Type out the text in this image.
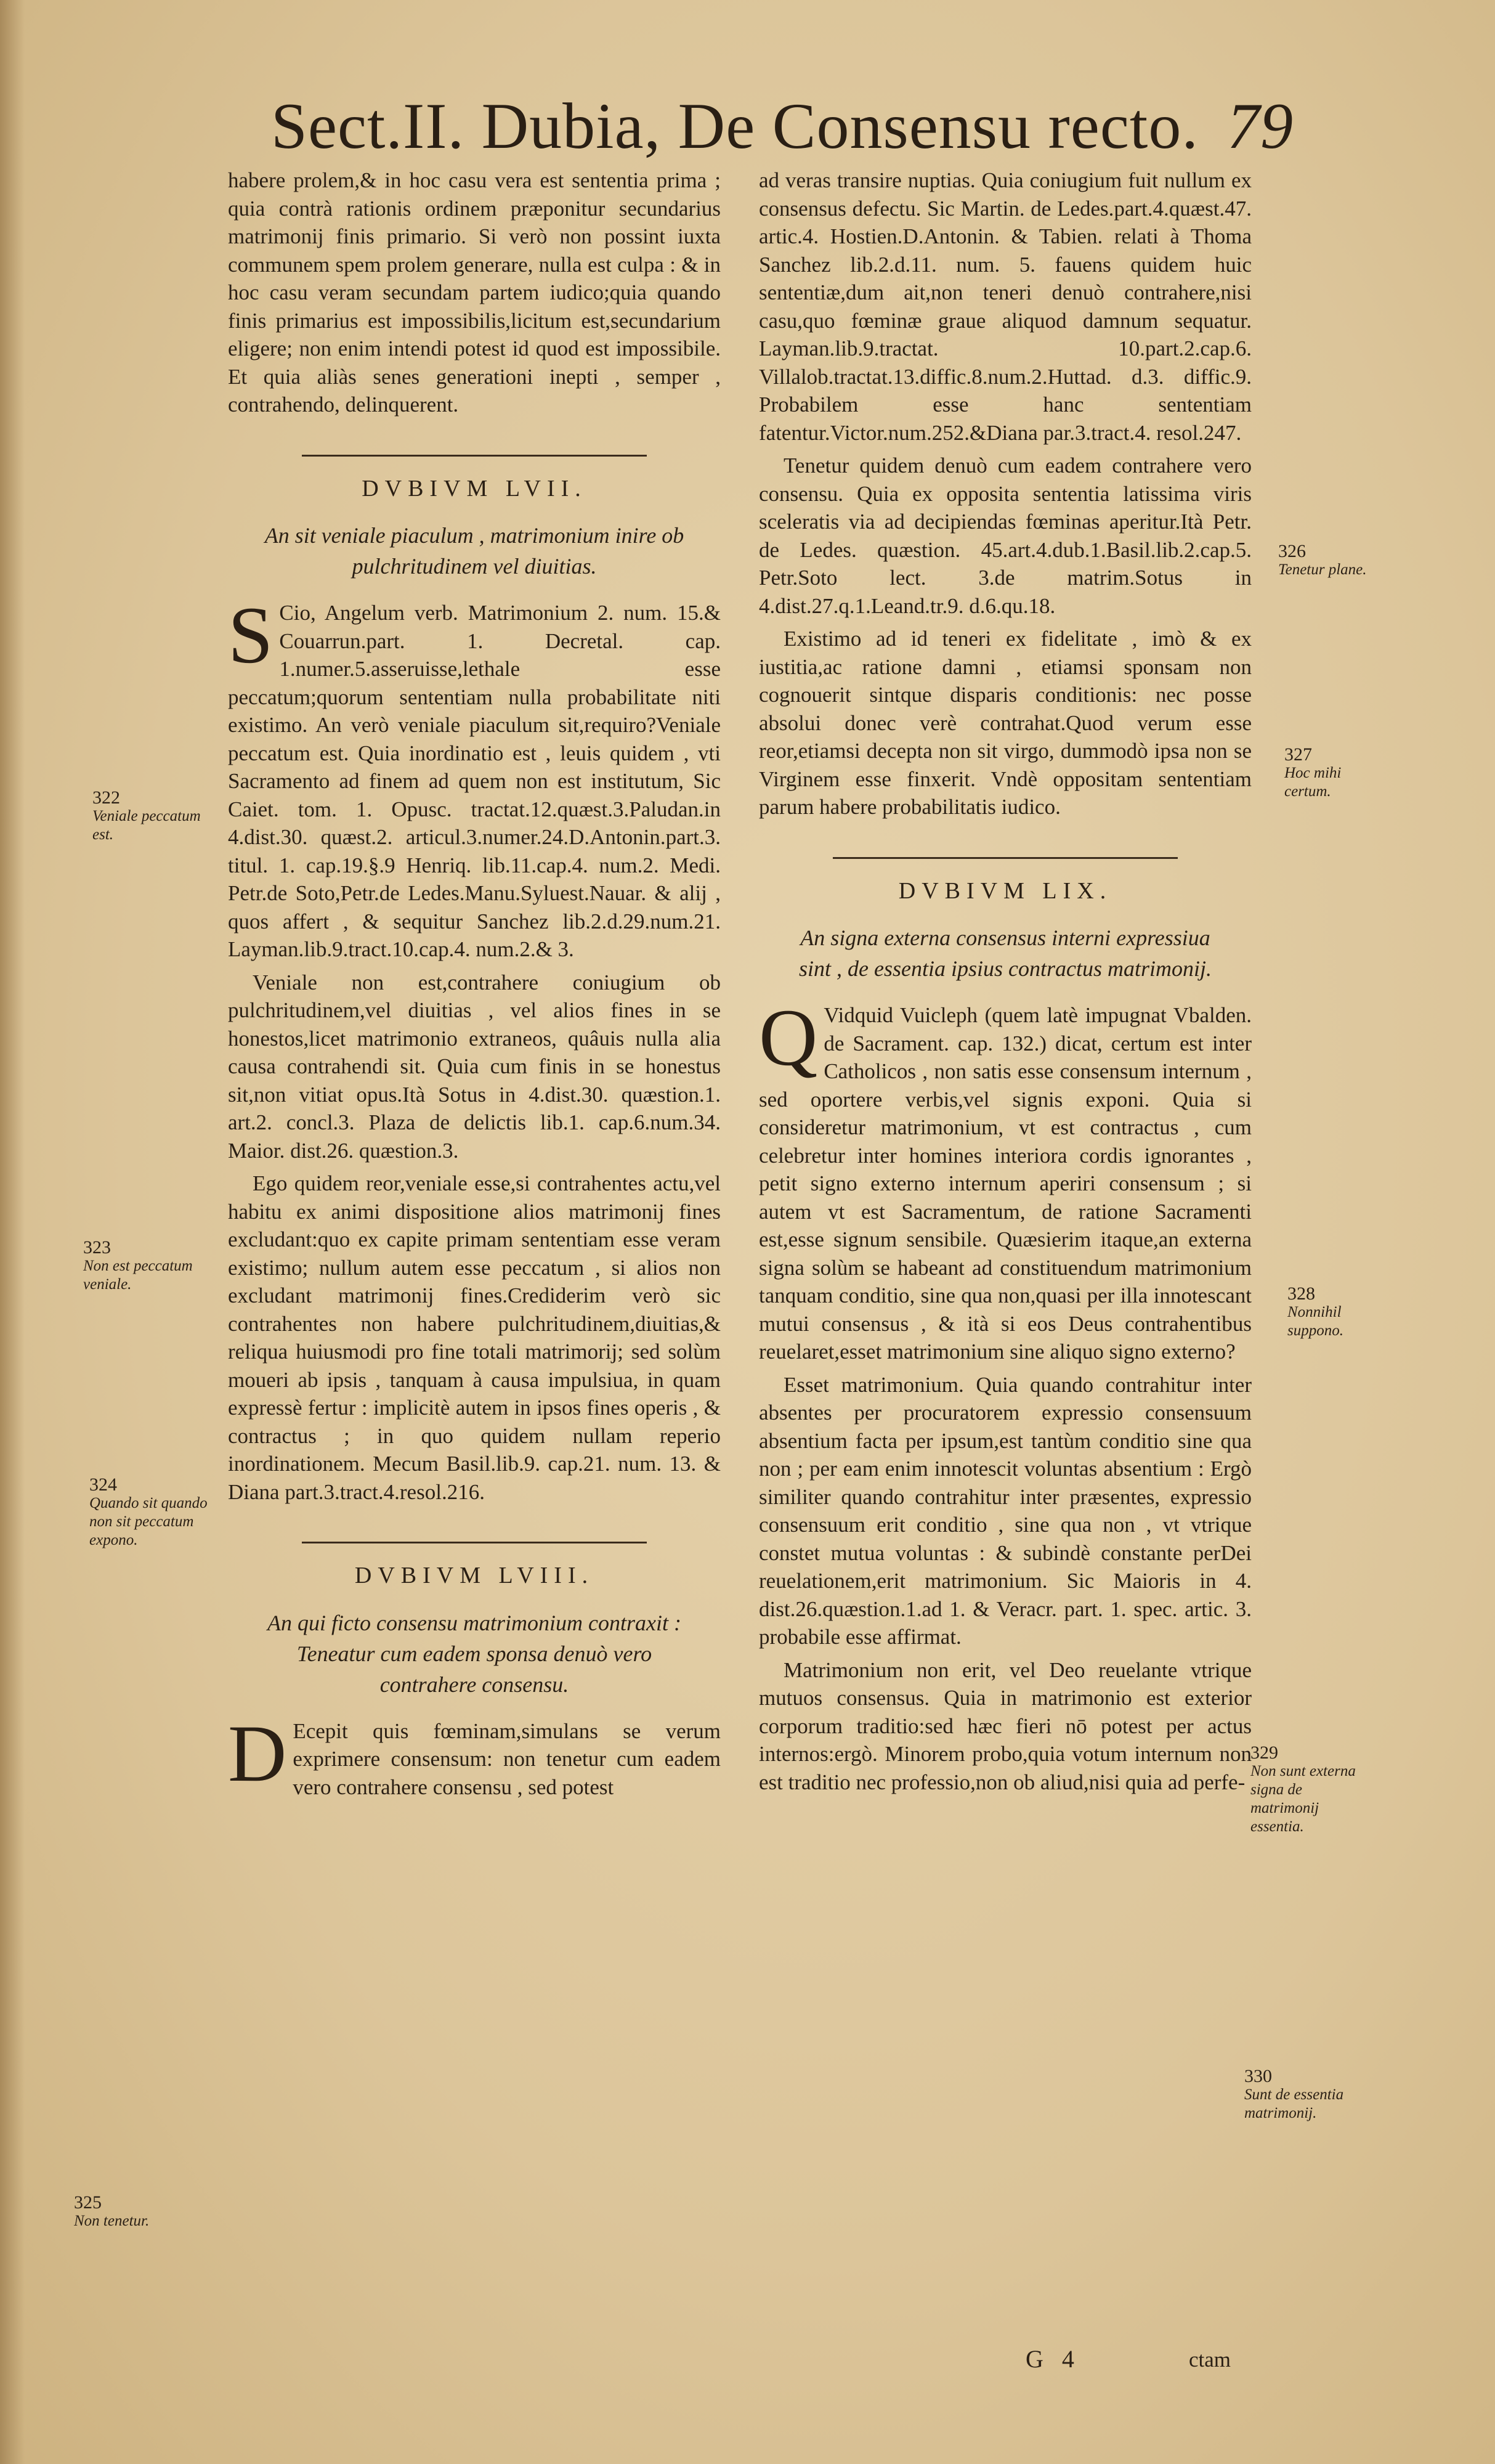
Sect.II. Dubia, De Consensu recto. 79

habere prolem,& in hoc casu vera est sententia prima ; quia contrà rationis ordinem præponitur secundarius matrimonij finis primario. Si verò non possint iuxta communem spem prolem generare, nulla est culpa : & in hoc casu veram secundam partem iudico;quia quando finis primarius est impossibilis,licitum est,secundarium eligere; non enim intendi potest id quod est impossibile. Et quia aliàs senes generationi inepti , semper , contrahendo, delinquerent.

DVBIVM LVII.
An sit veniale piaculum , matrimonium inire ob pulchritudinem vel diuitias.

S Cio, Angelum verb. Matrimonium 2. num. 15.& Couarrun.part. 1. Decretal. cap. 1.numer.5.asseruisse,lethale esse peccatum;quorum sententiam nulla probabilitate niti existimo. An verò veniale piaculum sit,requiro?Veniale peccatum est. Quia inordinatio est , leuis quidem , vti Sacramento ad finem ad quem non est institutum, Sic Caiet. tom. 1. Opusc. tractat.12.quæst.3.Paludan.in 4.dist.30. quæst.2. articul.3.numer.24.D.Antonin.part.3. titul. 1. cap.19.§.9 Henriq. lib.11.cap.4. num.2. Medi. Petr.de Soto,Petr.de Ledes.Manu.Syluest.Nauar. & alij , quos affert , & sequitur Sanchez lib.2.d.29.num.21. Layman.lib.9.tract.10.cap.4. num.2.& 3.

Veniale non est,contrahere coniugium ob pulchritudinem,vel diuitias , vel alios fines in se honestos,licet matrimonio extraneos, quâuis nulla alia causa contrahendi sit. Quia cum finis in se honestus sit,non vitiat opus.Ità Sotus in 4.dist.30. quæstion.1. art.2. concl.3. Plaza de delictis lib.1. cap.6.num.34. Maior. dist.26. quæstion.3.

Ego quidem reor,veniale esse,si contrahentes actu,vel habitu ex animi dispositione alios matrimonij fines excludant:quo ex capite primam sententiam esse veram existimo; nullum autem esse peccatum , si alios non excludant matrimonij fines.Crediderim verò sic contrahentes non habere pulchritudinem,diuitias,& reliqua huiusmodi pro fine totali matrimorij; sed solùm moueri ab ipsis , tanquam à causa impulsiua, in quam expressè fertur : implicitè autem in ipsos fines operis , & contractus ; in quo quidem nullam reperio inordinationem. Mecum Basil.lib.9. cap.21. num. 13. & Diana part.3.tract.4.resol.216.

DVBIVM LVIII.
An qui ficto consensu matrimonium contraxit : Teneatur cum eadem sponsa denuò vero contrahere consensu.

D Ecepit quis fœminam,simulans se verum exprimere consensum: non tenetur cum eadem vero contrahere consensu , sed potest

ad veras transire nuptias. Quia coniugium fuit nullum ex consensus defectu. Sic Martin. de Ledes.part.4.quæst.47. artic.4. Hostien.D.Antonin. & Tabien. relati à Thoma Sanchez lib.2.d.11. num. 5. fauens quidem huic sententiæ,dum ait,non teneri denuò contrahere,nisi casu,quo fœminæ graue aliquod damnum sequatur. Layman.lib.9.tractat. 10.part.2.cap.6. Villalob.tractat.13.diffic.8.num.2.Huttad. d.3. diffic.9. Probabilem esse hanc sententiam fatentur.Victor.num.252.&Diana par.3.tract.4. resol.247.

Tenetur quidem denuò cum eadem contrahere vero consensu. Quia ex opposita sententia latissima viris sceleratis via ad decipiendas fœminas aperitur.Ità Petr. de Ledes. quæstion. 45.art.4.dub.1.Basil.lib.2.cap.5. Petr.Soto lect. 3.de matrim.Sotus in 4.dist.27.q.1.Leand.tr.9. d.6.qu.18.

Existimo ad id teneri ex fidelitate , imò & ex iustitia,ac ratione damni , etiamsi sponsam non cognouerit sintque disparis conditionis: nec posse absolui donec verè contrahat.Quod verum esse reor,etiamsi decepta non sit virgo, dummodò ipsa non se Virginem esse finxerit. Vndè oppositam sententiam parum habere probabilitatis iudico.

DVBIVM LIX.
An signa externa consensus interni expressiua sint , de essentia ipsius contractus matrimonij.

Q Vidquid Vuicleph (quem latè impugnat Vbalden. de Sacrament. cap. 132.) dicat, certum est inter Catholicos , non satis esse consensum internum , sed oportere verbis,vel signis exponi. Quia si consideretur matrimonium, vt est contractus , cum celebretur inter homines interiora cordis ignorantes , petit signo externo internum aperiri consensum ; si autem vt est Sacramentum, de ratione Sacramenti est,esse signum sensibile. Quæsierim itaque,an externa signa solùm se habeant ad constituendum matrimonium tanquam conditio, sine qua non,quasi per illa innotescant mutui consensus , & ità si eos Deus contrahentibus reuelaret,esset matrimonium sine aliquo signo externo?

Esset matrimonium. Quia quando contrahitur inter absentes per procuratorem expressio consensuum absentium facta per ipsum,est tantùm conditio sine qua non ; per eam enim innotescit voluntas absentium : Ergò similiter quando contrahitur inter præsentes, expressio consensuum erit conditio , sine qua non , vt vtrique constet mutua voluntas : & subindè constante perDei reuelationem,erit matrimonium. Sic Maioris in 4. dist.26.quæstion.1.ad 1. & Veracr. part. 1. spec. artic. 3. probabile esse affirmat.

Matrimonium non erit, vel Deo reuelante vtrique mutuos consensus. Quia in matrimonio est exterior corporum traditio:sed hæc fieri nō potest per actus internos:ergò. Minorem probo,quia votum internum non est traditio nec professio,non ob aliud,nisi quia ad perfe-

322
Veniale peccatum est.
323
Non est peccatum veniale.
324
Quando sit quando non sit peccatum expono.
325
Non tenetur.
326
Tenetur plane.
327
Hoc mihi certum.
328
Nonnihil suppono.
329
Non sunt externa signa de matrimonij essentia.
330
Sunt de essentia matrimonij.
G 4	ctam
